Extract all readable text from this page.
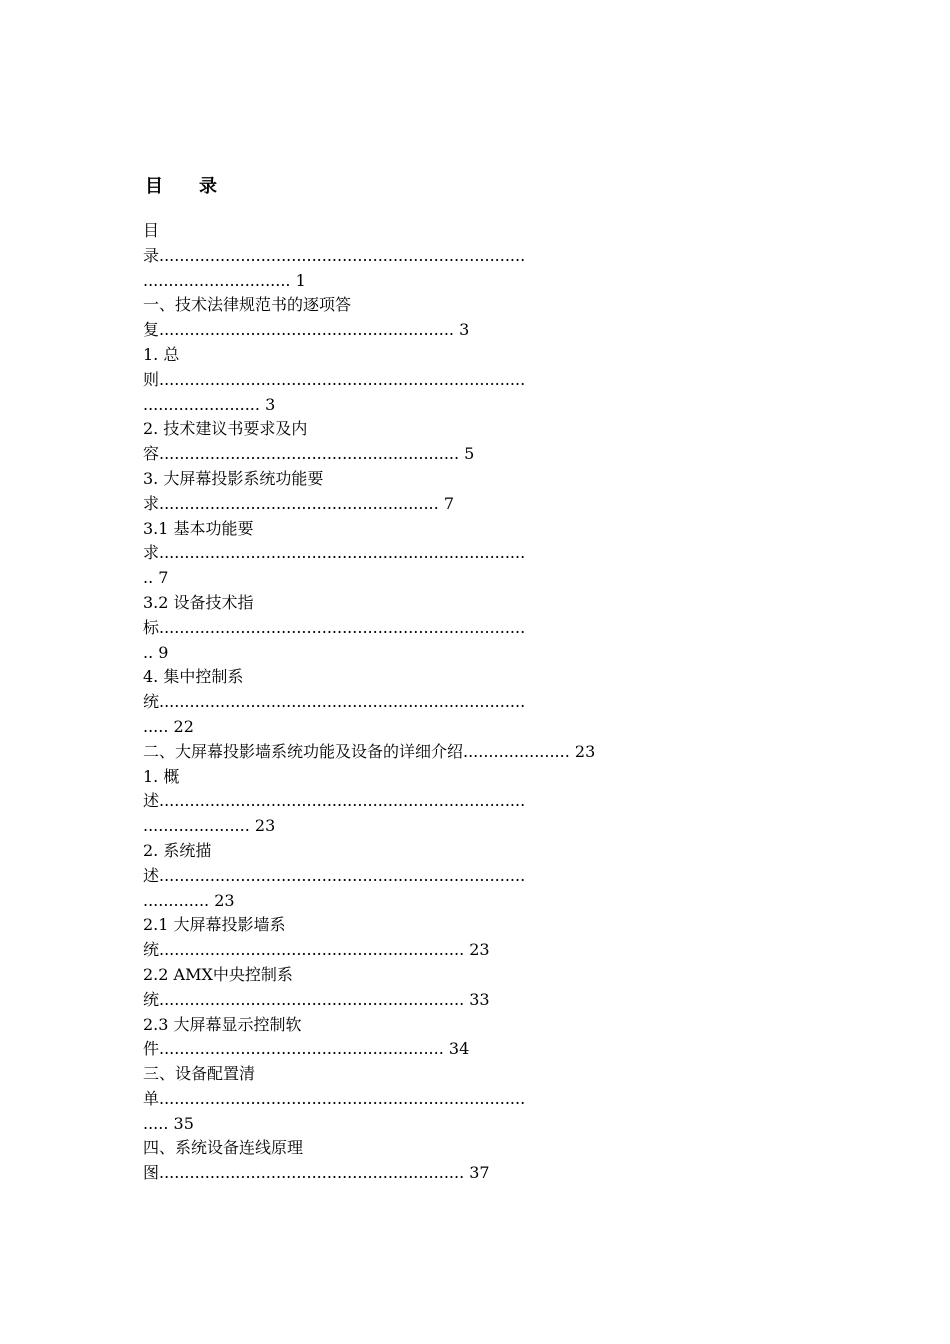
目　　录
目
录........................................................................
............................. 1
一、技术法律规范书的逐项答
复.......................................................... 3
1. 总
则........................................................................
....................... 3
2. 技术建议书要求及内
容........................................................... 5
3. 大屏幕投影系统功能要
求....................................................... 7
3.1 基本功能要
求........................................................................
.. 7
3.2 设备技术指
标........................................................................
.. 9
4. 集中控制系
统........................................................................
..... 22
二、大屏幕投影墙系统功能及设备的详细介绍..................... 23
1. 概
述........................................................................
..................... 23
2. 系统描
述........................................................................
............. 23
2.1 大屏幕投影墙系
统............................................................ 23
2.2 AMX中央控制系
统............................................................ 33
2.3 大屏幕显示控制软
件........................................................ 34
三、设备配置清
单........................................................................
..... 35
四、系统设备连线原理
图............................................................ 37
